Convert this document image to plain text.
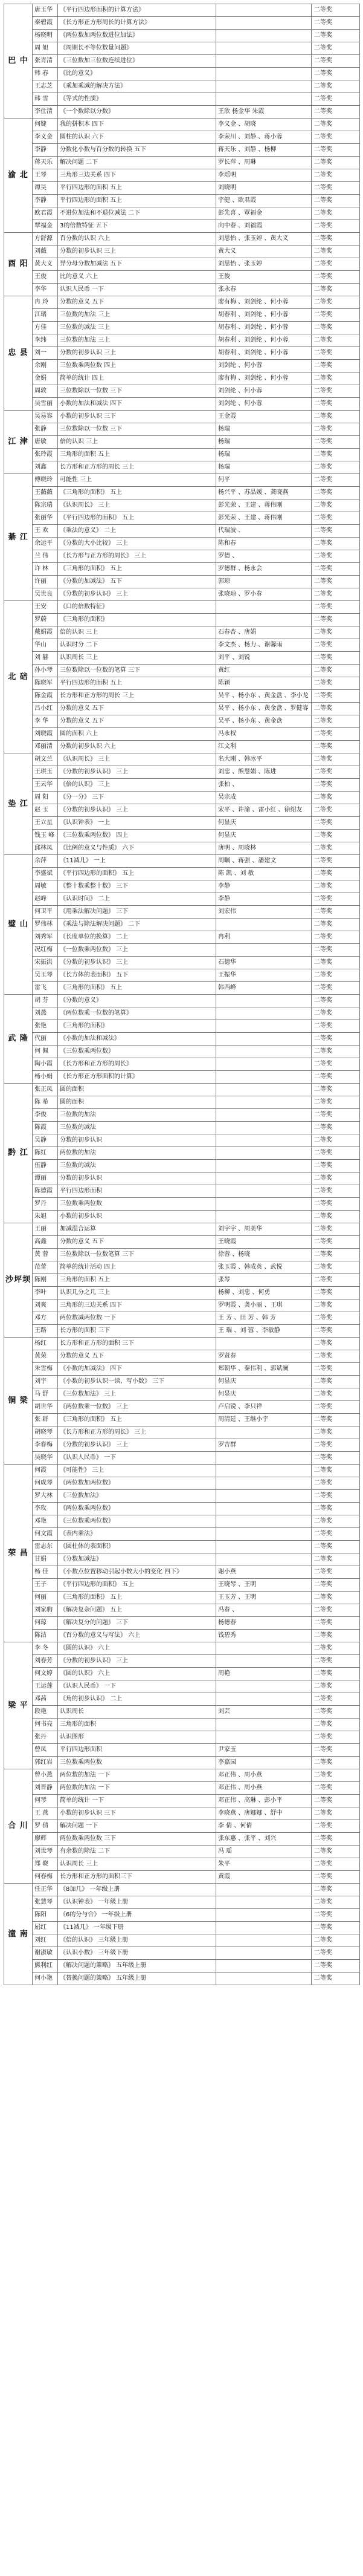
巴 中	唐玉华	《平行四边形面积的计算方法》		二等奖
	秦碧霞	《长方形正方形周长的计算方法》		二等奖
	杨晓明	《两位数加两位数进位加法》		二等奖
	周 旭	《周期长不等位数量问题》		二等奖
	张青清	《三位数加三位数连续进位》		二等奖
	韩 春	《比的意义》		二等奖
	王志芝	《乘加乘减的解决方法》		二等奖
	韩 雪	《等式的性质》		二等奖
	李仕清	《一个数除以分数》	王欣 杨金华 朱霞	二等奖
渝 北	何婕	我的拼积木 四下	李义金 、胡晓	二等奖
	李义金	圆柱的认识 六下	李荣川 、刘静 、蒋小蓉	二等奖
	李静	分数化小数与百分数的转换 五下	蒋天乐 、刘静 、杨柳	二等奖
	蒋天乐	解决问题 二下	罗长萍 、周琳	二等奖
	王琴	三角形三边关系 四下	李瑶明	二等奖
	谭昊	平行四边形的面积 五上	刘晓明	二等奖
	李静	平行四边形的面积 五上	宇健 、欧君霞	二等奖
	欧君霞	不进位加法和不退位减法 二下	彭先喜 、覃福金	二等奖
	覃福金	3的倍数特征 五下	向中春 、刘福霞	二等奖
酉 阳	方舒源	百分数的认识 六上	刘思怡 、张玉婷 、黄大义	二等奖
	刘薇	分数的初步认识 三上	黄大义	二等奖
	黄大义	异分母分数加减法 五下	刘思怡 、张玉婷	二等奖
	王俊	比的意义 六上	王俊	二等奖
	李华	认识人民币 一下	张永春	二等奖
忠 县	冉 玲	分数的意义 五下	廖有梅 、刘剑纶 、何小蓉	二等奖
	江瑞	三位数的加法 三上	胡春利 、刘剑纶 、何小蓉	二等奖
	方佳	三位数的减法 三上	胡春利 、刘剑纶 、何小蓉	二等奖
	李纬	三位数的加法 三上	胡春利 、刘剑纶 、何小蓉	二等奖
	刘一	分数的初步认识 三上	胡春利 、刘剑纶 、何小蓉	二等奖
	余刚	三位数乘两位数 四上	刘剑纶 、何小蓉	二等奖
	金娟	简单的统计 四上	廖有梅 、刘剑纶 、何小蓉	二等奖
	周敦	三位数除以一位数 三下	刘剑纶 、何小蓉	二等奖
	吴雪丽	小数的加法和减法 四下	刘剑纶 、何小蓉	二等奖
江 津	吴易容	小数的初步认识 三下	王金霞	二等奖
	张静	三位数除以一位数 三下	杨瑞	二等奖
	唐敏	倍的认识 三上	杨瑞	二等奖
	张玲霞	三角形的面积 五上	杨瑞	二等奖
	刘鑫	长方形和正方形的周长 三上	杨瑞	二等奖
綦 江	傅晓玲	可能性 三上	何平	二等奖
	王薇薇	《三角形的面积》 五上	杨兴平 、苏晶媛 、龚晓燕	二等奖
	陈宗瑞	《认识周长》 三上	彭光荣 、王建 、蒋伟刚	二等奖
	张丽华	《平行四边形的面积》 五上	彭光荣 、王建 、蒋伟刚	二等奖
	王 欢	《乘法的意义》 二上	代瑞波 、	二等奖
	余运平	《分数的大小比较》 三上	陈和春	二等奖
	兰 伟	《长方形与正方形的周长》 三上	罗德 、	二等奖
	许 林	《三角形的面积》 五上	罗德群 、杨永会	二等奖
	许丽	《分数的加减法》 五下	郭琼	二等奖
	吴世良	《分数的初步认识》 三上	张晓琼 、罗小春	二等奖
北 碚	王安	《口的倍数特征》		二等奖
	罗蔚	《三角形的面积》		二等奖
	戴娟霞	倍的认识 三上	石春杏 、唐娟	二等奖
	华山	认识时分 二下	李文杰 、杨力 、谢馨雨	二等奖
	刘 赫	认识周长 三上	刘平 、刘锐	二等奖
	孙小琴	三位数除以一位数的笔算 三下	黄红	二等奖
	陈晓军	平行四边形的面积 五上	陈颖	二等奖
	陈金霞	长方形和正方形的周长 三上	吴平 、杨小东 、黄金盘 、李小龙	二等奖
	吕小红	分数的意义 五下	吴平 、杨小东 、黄金盘 、罗健容	二等奖
	李 华	分数的意义 五下	吴平 、杨小东 、黄金盘	二等奖
	刘晓霞	圆的面积 六上	冯永权	二等奖
	邓丽清	分数的初步认识 六上	江文利	二等奖
垫 江	胡文兰	《认识周长》 三上	名大刚 、韩冰平	二等奖
	王琪玉	《分数的初步认识》 三上	刘忠 、熊慧娟 、陈进	二等奖
	王云华	《倍的认识》 三上	张柏 、	二等奖
	周 阳	《分一分》 三下	吴宗成	二等奖
	赵 玉	《分数的初步认识》 三上	宋平 、许渝 、雷小红 、徐绍友	二等奖
	王立星	《认识钟表》 一上	何显庆	二等奖
	钱玉 峰	《三位数乘两位数》 四上	何显庆	二等奖
	邱林凤	《比例的意义与性质》 六下	唐明 、周晓林	二等奖
璧 山	余萍	《11减几》 一上	周瞩 、蒋强 、潘建文	二等奖
	李盛斌	《平行四边形的面积》 五上	陈 凯 、刘 敏	二等奖
	周敏	《整十数乘整十数》 三下	李静	二等奖
	赵峰	《认识时间》 二上	李静	二等奖
	何卫平	《用乘法解决问题》 三下	刘宏伟	二等奖
	罗伟林	《乘法与除法解决问题》 二下		二等奖
	刘秀军	《长度单位的换算》 二上	冉利	二等奖
	况红梅	《一位数乘两位数》 三上		二等奖
	宋振洪	《分数的初步认识》 三上	石德华	二等奖
	吴玉琴	《长方体的表面积》 五下	王振华	二等奖
	雷飞	《三角形的面积》 五上	韩西峰	二等奖
武 隆	胡 芬	《分数的意义》		二等奖
	刘燕	《两位数乘一位数的笔算》		二等奖
	张艳	《三角形的面积》		二等奖
	代丽	《小数的加法和减法》		二等奖
	何 佩	《三位数乘两位数》		二等奖
	陶小霞	《长方形和正方形的周长》		二等奖
	杨小娟	《长方形正方形面积的计算》		二等奖
黔 江	张正凤	圆的面积		二等奖
	陈 希	圆的面积		二等奖
	李俊	三位数的加法		二等奖
	陈霞	三位数的减法		二等奖
	吴静	分数的初步认识		二等奖
	陈红	两位数的加法		二等奖
	伍静	三位数的减法		二等奖
	谭丽	分数的初步认识		二等奖
	陈德霞	平行四边形面积		二等奖
	罗丹	三位数乘两位数		二等奖
	朱旭	小数的初步认识		二等奖
沙坪坝	王丽	加减混合运算	刘宇宇 、周美华	二等奖
	高鑫	分数的意义 五下	王晓霞	二等奖
	黄 蓉	三位数除以一位数笔算 三下	徐蓉 、杨晓	二等奖
	范蕾	简单的统计活动 四上	张玉霞 、韩成英 、武悦	二等奖
	陈刚	三角形的面积 五上	张琴	二等奖
	李叶	认识几分之几 三上	杨柳 、刘忠 、何勇	二等奖
	刘爽	三角形的三边关系 四下	罗明霞 、龚小丽 、王琪	二等奖
	邓方	两位数减两位数 一下	王 芳 、田 芳 、韩 芳	二等奖
	王路	长方形的面积 三下	王 瑞 、刘 蓉 、李敏静	二等奖
铜 梁	杨红	长方形和正方形的面积 三下		二等奖
	黄荣	分数的意义 五下	罗贤春	二等奖
	朱雪梅	《小数的加减法》 四下	郑朝华 、秦伟利 、郭斌澜	二等奖
	刘宇	《小数的初步认识一读、写小数》 三下	何显庆	二等奖
	马 舒	《三位数加法》 三上	何显庆	二等奖
	胡世华	《两位数乘一位数》 三上	卢启锐 、李只祥	二等奖
	张 群	《三角形的面积》 五上	周清廷 、王继小宇	二等奖
	胡晓琴	《长方形和正方形的周长》 三上		二等奖
	李春梅	《分数的初步认识》 三上	罗吉群	二等奖
	吴晓华	《认识人民币》 一下		二等奖
荣 昌	何霞	《可能性》 三上		二等奖
	何成琴	《两位数加两位数》		二等奖
	罗大林	《三位数加法》		二等奖
	李玫	《两位数乘两位数》		二等奖
	邓艳	《三位数乘两位数》		二等奖
	何文霞	《表内乘法》		二等奖
	雷志东	《圆柱体的表面积》		二等奖
	甘娟	《分数加减法》		二等奖
	杨 佳	《小数点位置移动引起小数大小的变化 四下》	谢小燕	二等奖
	王子	《平行四边形的面积》 五上	王晓琴 、王明	二等奖
	何丽	《三角形的面积》 五上	王玉芳 、王明	二等奖
	刘家驹	《解决复杂问题》 五上	冯春 、	二等奖
	何琼	《解决复分的问题》 三下	杨德春	二等奖
	陈洁	《百分数的意义与写法》 六上	钱碧秀	二等奖
梁 平	李 冬	《圆的认识》 六上		二等奖
	刘春芳	《分数的初步认识》 三上		二等奖
	何文婷	《圆的认识》 六上	周艳	二等奖
	王运莲	《认识人民币》 一下		二等奖
	邓茜	《角的初步认识》 二上		二等奖
	段艳	认识周长	刘芸	二等奖
	何书亮	三角形的面积		二等奖
	张丹	认识图形		二等奖
	曾凤	平行四边形面积	尹家玉	二等奖
	郭红岩	三位数乘两位数	李嘉园	二等奖
合 川	曾小燕	两位数的加法 一下	邓正伟 、周小燕	二等奖
	刘晋静	两位数的加法 一下	邓正伟 、周小燕	二等奖
	何琴	简单的统计 一下	邓正伟 、高琳 、彭小平	二等奖
	王 燕	小数的初步认识 三下	李晓燕 、唐娜娜 、舒中	二等奖
	罗 倩	解决问题 一下	李 倩 、何倩	二等奖
	廖辉	两位数乘两位数 三下	张东惠 、张平 、刘兴	二等奖
	刘世琴	有余数的除法 二下	冯 瑶	二等奖
	郑 晓	认识周长 三上	朱平	二等奖
	何春梅	长方形和正方形的面积三下	黄霞	二等奖
潼 南	任正华	《8加几》 一年级上册		二等奖
	张慧琴	《认识钟表》 一年级上册		二等奖
	陈阳	《6的分与合》 一年级上册		二等奖
	屈红	《11减几》 一年级下册		二等奖
	刘红	《倍的认识》 三年级上册		二等奖
	谢淑敏	《认识小数》 三年级下册		二等奖
	熊利红	《解决问题的策略》 五年级上册		二等奖
	何小艳	《替换问题的策略》 五年级上册		二等奖
